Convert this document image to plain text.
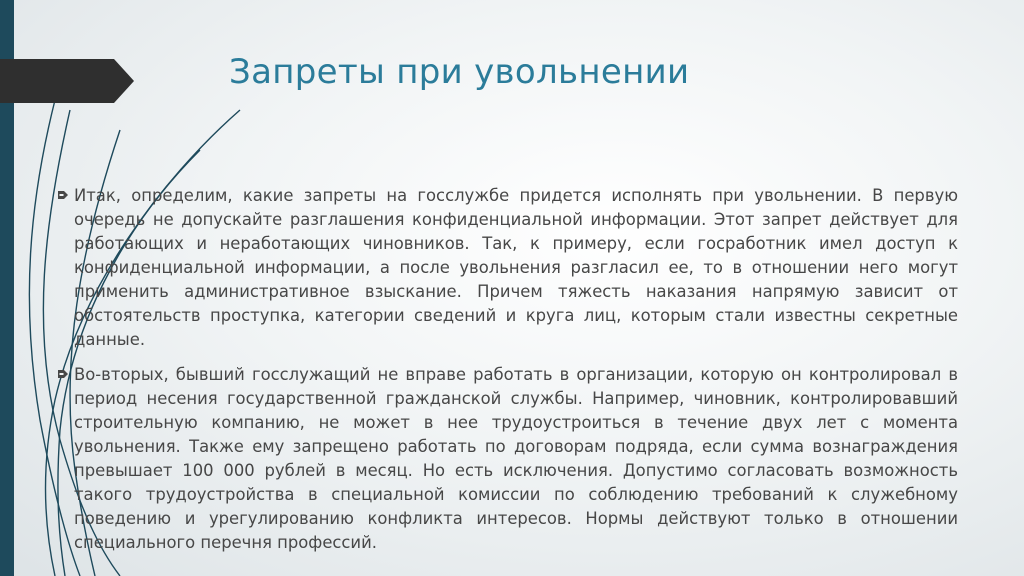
Запреты при увольнении

Итак, определим, какие запреты на госслужбе придется исполнять при увольнении. В первую очередь не допускайте разглашения конфиденциальной информации. Этот запрет действует для работающих и неработающих чиновников. Так, к примеру, если госработник имел доступ к конфиденциальной информации, а после увольнения разгласил ее, то в отношении него могут применить административное взыскание. Причем тяжесть наказания напрямую зависит от обстоятельств проступка, категории сведений и круга лиц, которым стали известны секретные данные.

Во-вторых, бывший госслужащий не вправе работать в организации, которую он контролировал в период несения государственной гражданской службы. Например, чиновник, контролировавший строительную компанию, не может в нее трудоустроиться в течение двух лет с момента увольнения. Также ему запрещено работать по договорам подряда, если сумма вознаграждения превышает 100 000 рублей в месяц. Но есть исключения. Допустимо согласовать возможность такого трудоустройства в специальной комиссии по соблюдению требований к служебному поведению и урегулированию конфликта интересов. Нормы действуют только в отношении специального перечня профессий.
